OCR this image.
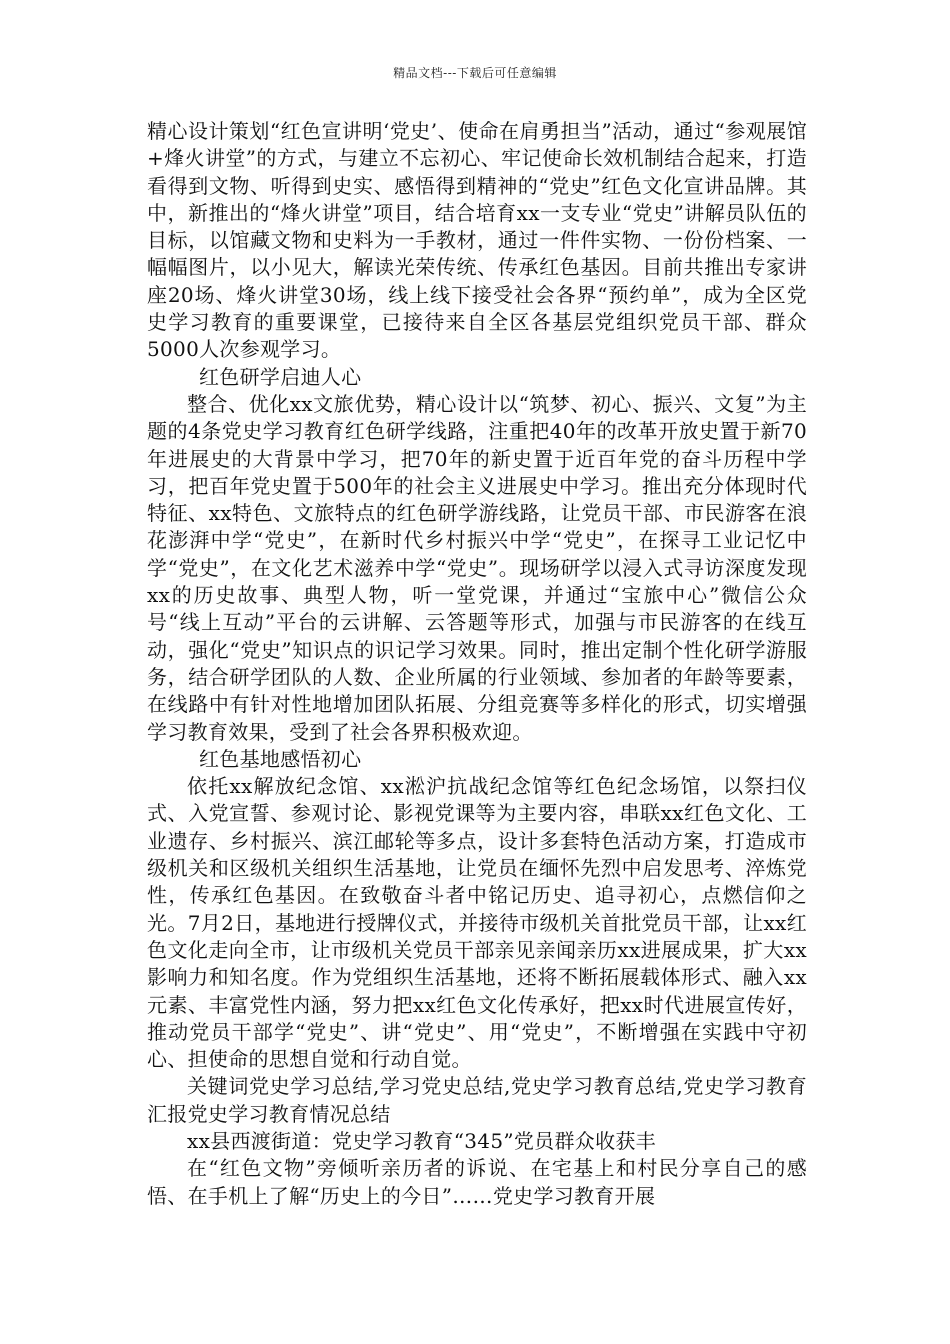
精品文档---下载后可任意编辑

精心设计策划“红色宣讲明‘党史’、使命在肩勇担当”活动，通过“参观展馆+烽火讲堂”的方式，与建立不忘初心、牢记使命长效机制结合起来，打造看得到文物、听得到史实、感悟得到精神的“党史”红色文化宣讲品牌。其中，新推出的“烽火讲堂”项目，结合培育xx一支专业“党史”讲解员队伍的目标，以馆藏文物和史料为一手教材，通过一件件实物、一份份档案、一幅幅图片，以小见大，解读光荣传统、传承红色基因。目前共推出专家讲座20场、烽火讲堂30场，线上线下接受社会各界“预约单”，成为全区党史学习教育的重要课堂，已接待来自全区各基层党组织党员干部、群众5000人次参观学习。

红色研学启迪人心

整合、优化xx文旅优势，精心设计以“筑梦、初心、振兴、文复”为主题的4条党史学习教育红色研学线路，注重把40年的改革开放史置于新70年进展史的大背景中学习，把70年的新史置于近百年党的奋斗历程中学习，把百年党史置于500年的社会主义进展史中学习。推出充分体现时代特征、xx特色、文旅特点的红色研学游线路，让党员干部、市民游客在浪花澎湃中学“党史”，在新时代乡村振兴中学“党史”，在探寻工业记忆中学“党史”，在文化艺术滋养中学“党史”。现场研学以浸入式寻访深度发现xx的历史故事、典型人物，听一堂党课，并通过“宝旅中心”微信公众号“线上互动”平台的云讲解、云答题等形式，加强与市民游客的在线互动，强化“党史”知识点的识记学习效果。同时，推出定制个性化研学游服务，结合研学团队的人数、企业所属的行业领域、参加者的年龄等要素，在线路中有针对性地增加团队拓展、分组竞赛等多样化的形式，切实增强学习教育效果，受到了社会各界积极欢迎。

红色基地感悟初心

依托xx解放纪念馆、xx淞沪抗战纪念馆等红色纪念场馆，以祭扫仪式、入党宣誓、参观讨论、影视党课等为主要内容，串联xx红色文化、工业遗存、乡村振兴、滨江邮轮等多点，设计多套特色活动方案，打造成市级机关和区级机关组织生活基地，让党员在缅怀先烈中启发思考、淬炼党性，传承红色基因。在致敬奋斗者中铭记历史、追寻初心，点燃信仰之光。7月2日，基地进行授牌仪式，并接待市级机关首批党员干部，让xx红色文化走向全市，让市级机关党员干部亲见亲闻亲历xx进展成果，扩大xx影响力和知名度。作为党组织生活基地，还将不断拓展载体形式、融入xx元素、丰富党性内涵，努力把xx红色文化传承好，把xx时代进展宣传好，推动党员干部学“党史”、讲“党史”、用“党史”，不断增强在实践中守初心、担使命的思想自觉和行动自觉。

关键词党史学习总结,学习党史总结,党史学习教育总结,党史学习教育汇报党史学习教育情况总结

xx县西渡街道：党史学习教育“345”党员群众收获丰

在“红色文物”旁倾听亲历者的诉说、在宅基上和村民分享自己的感悟、在手机上了解“历史上的今日”……党史学习教育开展
